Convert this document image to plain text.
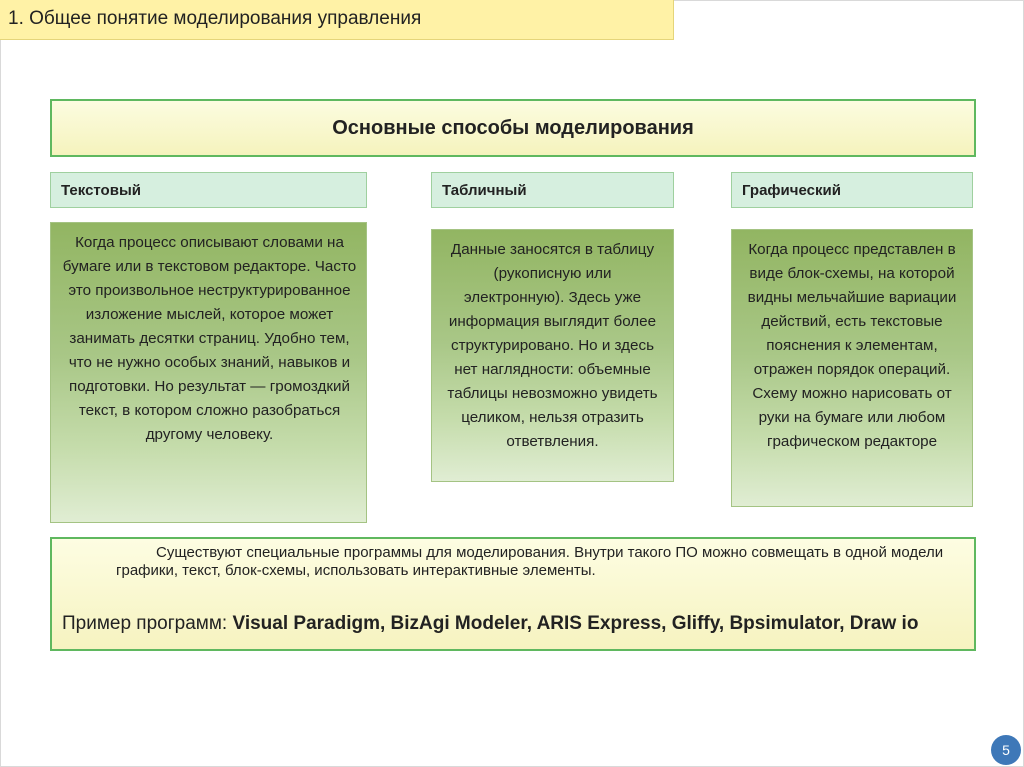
1. Общее понятие моделирования управления
Основные способы моделирования
Текстовый	Табличный	Графический
Когда процесс описывают словами на бумаге или в текстовом редакторе. Часто это произвольное неструктурированное изложение мыслей, которое может занимать десятки страниц. Удобно тем, что не нужно особых знаний, навыков и подготовки. Но результат — громоздкий текст, в котором сложно разобраться другому человеку.
Данные заносятся в таблицу (рукописную или электронную). Здесь уже информация выглядит более структурировано. Но и здесь нет наглядности: объемные таблицы невозможно увидеть целиком, нельзя отразить ответвления.
Когда процесс представлен в виде блок-схемы, на которой видны мельчайшие вариации действий, есть текстовые пояснения к элементам, отражен порядок операций. Схему можно нарисовать от руки на бумаге или любом графическом редакторе
Существуют специальные программы для моделирования. Внутри такого ПО можно совмещать в одной модели графики, текст, блок-схемы, использовать интерактивные элементы.
Пример программ: Visual Paradigm, BizAgi Modeler, ARIS Express, Gliffy, Bpsimulator, Draw io
5
